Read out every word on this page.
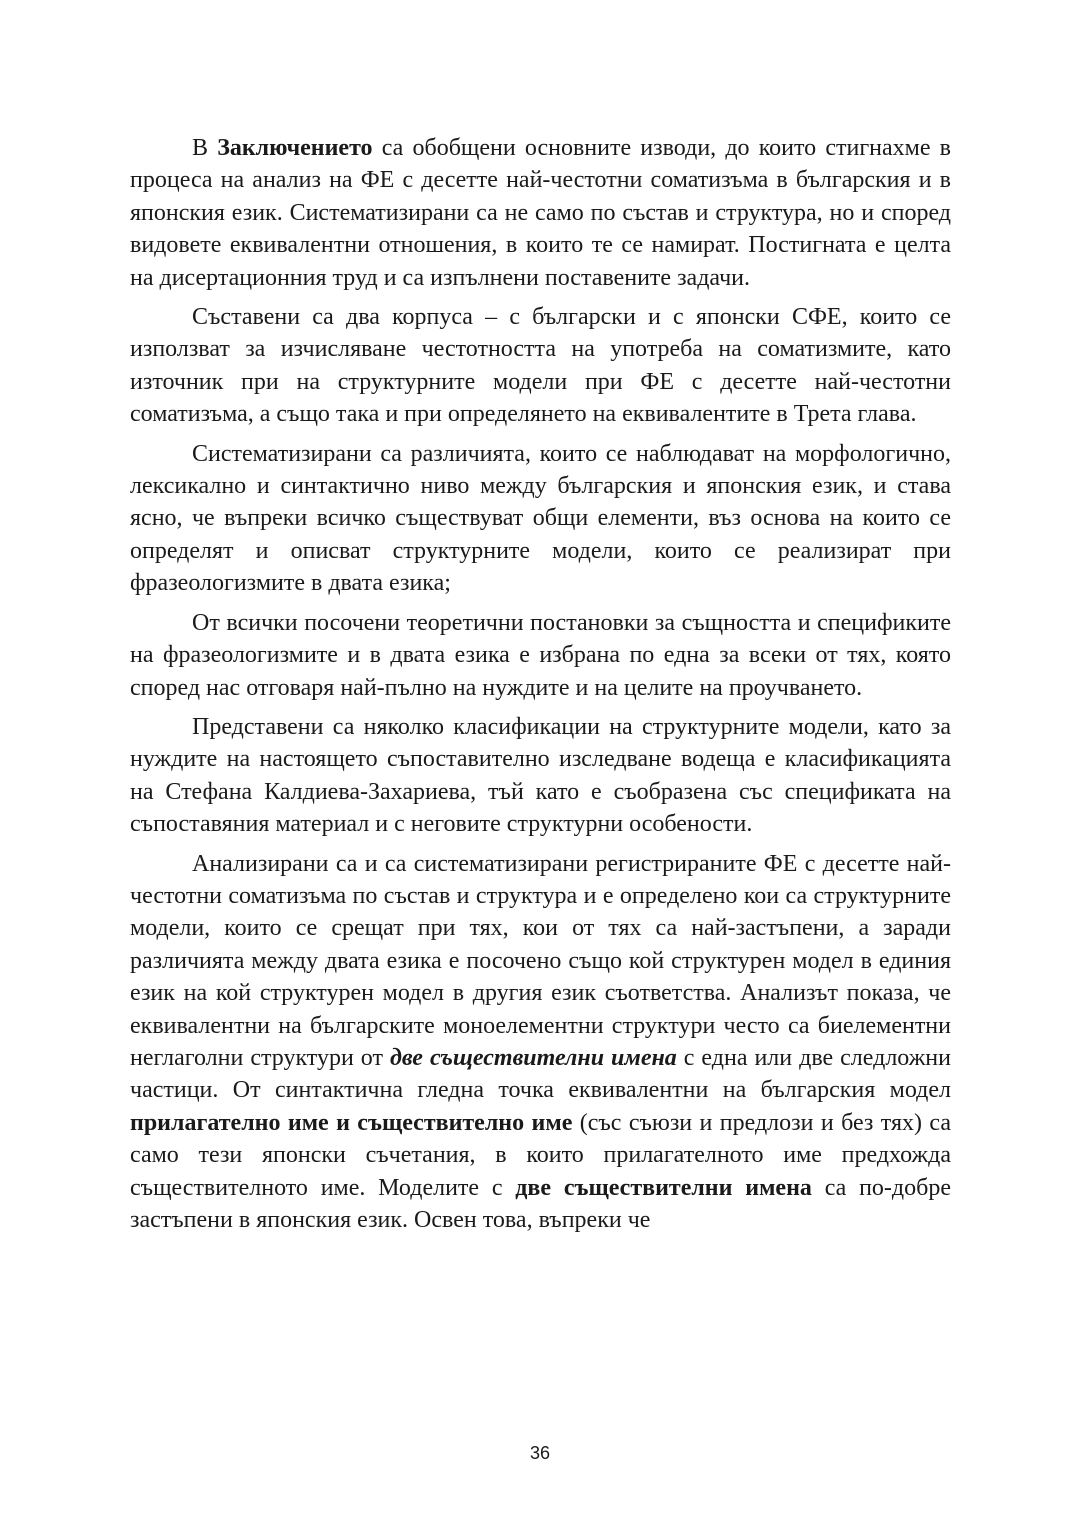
В Заключението са обобщени основните изводи, до които стигнахме в процеса на анализ на ФЕ с десетте най-честотни соматизъма в българския и в японския език. Систематизирани са не само по състав и структура, но и според видовете еквивалентни отношения, в които те се намират. Постигната е целта на дисертационния труд и са изпълнени поставените задачи.

Съставени са два корпуса – с български и с японски СФЕ, които се използват за изчисляване честотността на употреба на соматизмите, като източник при на структурните модели при ФЕ с десетте най-честотни соматизъма, а също така и при определянето на еквивалентите в Трета глава.

Систематизирани са различията, които се наблюдават на морфологично, лексикално и синтактично ниво между българския и японския език, и става ясно, че въпреки всичко съществуват общи елементи, въз основа на които се определят и описват структурните модели, които се реализират при фразеологизмите в двата езика;

От всички посочени теоретични постановки за същността и спецификите на фразеологизмите и в двата езика е избрана по една за всеки от тях, която според нас отговаря най-пълно на нуждите и на целите на проучването.

Представени са няколко класификации на структурните модели, като за нуждите на настоящето съпоставително изследване водеща е класификацията на Стефана Калдиева-Захариева, тъй като е съобразена със спецификата на съпоставяния материал и с неговите структурни особености.

Анализирани са и са систематизирани регистрираните ФЕ с десетте най-честотни соматизъма по състав и структура и е определено кои са структурните модели, които се срещат при тях, кои от тях са най-застъпени, а заради различията между двата езика е посочено също кой структурен модел в единия език на кой структурен модел в другия език съответства. Анализът показа, че еквивалентни на българските моноелементни структури често са биелементни неглаголни структури от две съществителни имена с една или две следложни частици. От синтактична гледна точка еквивалентни на българския модел прилагателно име и съществително име (със съюзи и предлози и без тях) са само тези японски съчетания, в които прилагателното име предхожда съществителното име. Моделите с две съществителни имена са по-добре застъпени в японския език. Освен това, въпреки че

36
